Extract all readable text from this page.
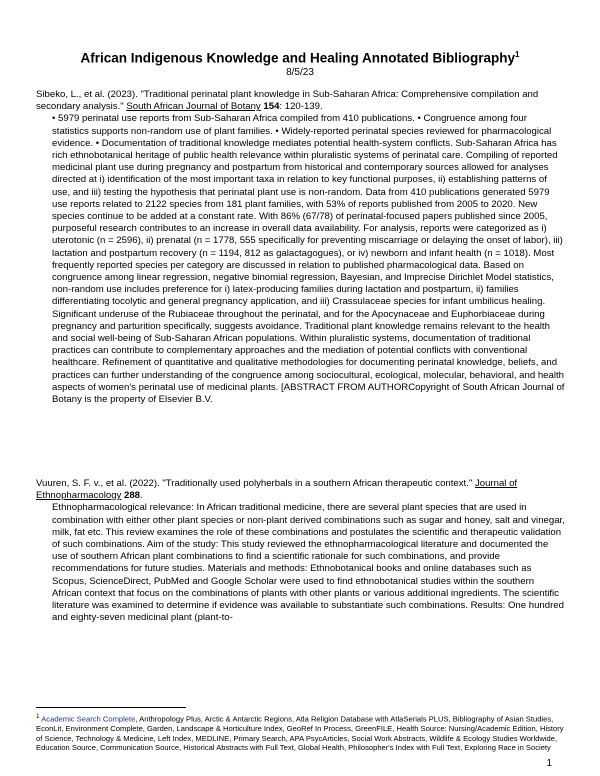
African Indigenous Knowledge and Healing Annotated Bibliography$^1$
8/5/23

Sibeko, L., et al. (2023). "Traditional perinatal plant knowledge in Sub-Saharan Africa: Comprehensive compilation and secondary analysis." South African Journal of Botany 154: 120-139.

• 5979 perinatal use reports from Sub-Saharan Africa compiled from 410 publications. • Congruence among four statistics supports non-random use of plant families. • Widely-reported perinatal species reviewed for pharmacological evidence. • Documentation of traditional knowledge mediates potential health-system conflicts. Sub-Saharan Africa has rich ethnobotanical heritage of public health relevance within pluralistic systems of perinatal care. Compiling of reported medicinal plant use during pregnancy and postpartum from historical and contemporary sources allowed for analyses directed at i) identification of the most important taxa in relation to key functional purposes, ii) establishing patterns of use, and iii) testing the hypothesis that perinatal plant use is non-random. Data from 410 publications generated 5979 use reports related to 2122 species from 181 plant families, with 53% of reports published from 2005 to 2020. New species continue to be added at a constant rate. With 86% (67/78) of perinatal-focused papers published since 2005, purposeful research contributes to an increase in overall data availability. For analysis, reports were categorized as i) uterotonic (n = 2596), ii) prenatal (n = 1778, 555 specifically for preventing miscarriage or delaying the onset of labor), iii) lactation and postpartum recovery (n = 1194, 812 as galactagogues), or iv) newborn and infant health (n = 1018). Most frequently reported species per category are discussed in relation to published pharmacological data. Based on congruence among linear regression, negative binomial regression, Bayesian, and Imprecise Dirichlet Model statistics, non-random use includes preference for i) latex-producing families during lactation and postpartum, ii) families differentiating tocolytic and general pregnancy application, and iii) Crassulaceae species for infant umbilicus healing. Significant underuse of the Rubiaceae throughout the perinatal, and for the Apocynaceae and Euphorbiaceae during pregnancy and parturition specifically, suggests avoidance. Traditional plant knowledge remains relevant to the health and social well-being of Sub-Saharan African populations. Within pluralistic systems, documentation of traditional practices can contribute to complementary approaches and the mediation of potential conflicts with conventional healthcare. Refinement of quantitative and qualitative methodologies for documenting perinatal knowledge, beliefs, and practices can further understanding of the congruence among sociocultural, ecological, molecular, behavioral, and health aspects of women's perinatal use of medicinal plants. [ABSTRACT FROM AUTHORCopyright of South African Journal of Botany is the property of Elsevier B.V.

Vuuren, S. F. v., et al. (2022). "Traditionally used polyherbals in a southern African therapeutic context." Journal of Ethnopharmacology 288.

Ethnopharmacological relevance: In African traditional medicine, there are several plant species that are used in combination with either other plant species or non-plant derived combinations such as sugar and honey, salt and vinegar, milk, fat etc. This review examines the role of these combinations and postulates the scientific and therapeutic validation of such combinations. Aim of the study: This study reviewed the ethnopharmacological literature and documented the use of southern African plant combinations to find a scientific rationale for such combinations, and provide recommendations for future studies. Materials and methods: Ethnobotanical books and online databases such as Scopus, ScienceDirect, PubMed and Google Scholar were used to find ethnobotanical studies within the southern African context that focus on the combinations of plants with other plants or various additional ingredients. The scientific literature was examined to determine if evidence was available to substantiate such combinations. Results: One hundred and eighty-seven medicinal plant (plant-to-

$^1$ Academic Search Complete, Anthropology Plus, Arctic & Antarctic Regions, Atla Religion Database with AtlaSerials PLUS, Bibliography of Asian Studies, EconLit, Environment Complete, Garden, Landscape & Horticulture Index, GeoRef In Process, GreenFILE, Health Source: Nursing/Academic Edition, History of Science, Technology & Medicine, Left Index, MEDLINE, Primary Search, APA PsycArticles, Social Work Abstracts, Wildlife & Ecology Studies Worldwide, Education Source, Communication Source, Historical Abstracts with Full Text, Global Health, Philosopher's Index with Full Text, Exploring Race in Society
1
